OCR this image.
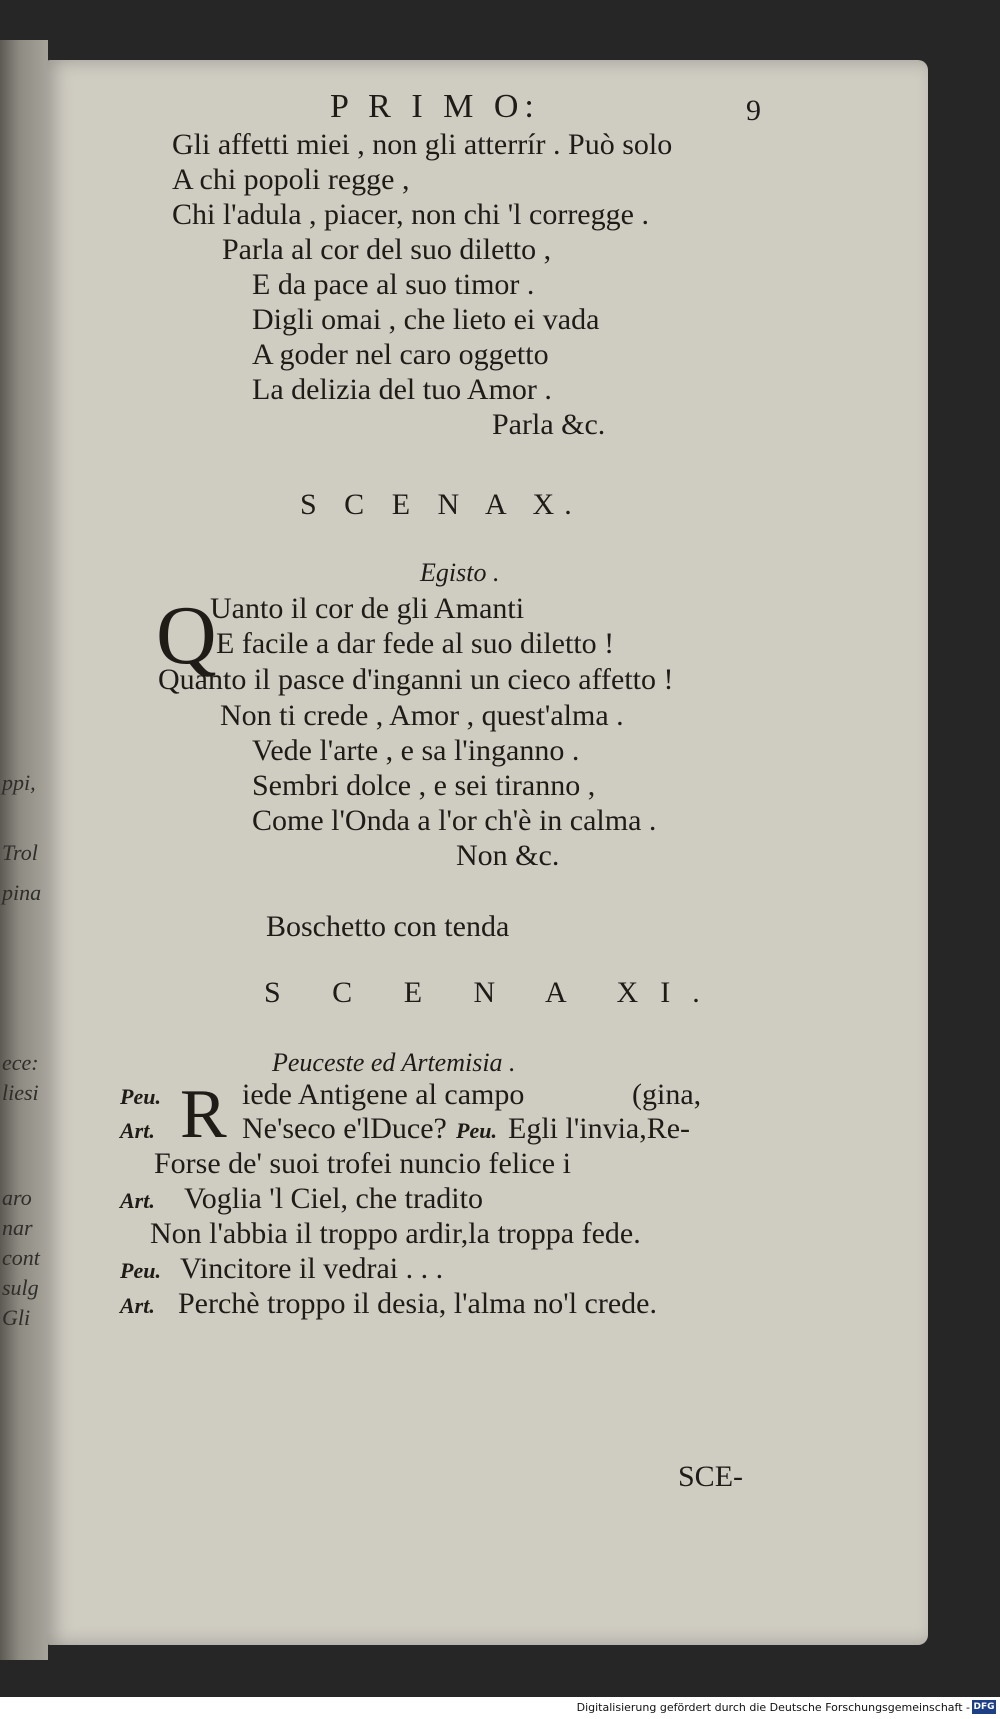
ppi,
Trol
pina
ece:
liesi
aro
nar
cont
sulg
Gli
P R I M O:	9
Gli affetti miei , non gli atterrír . Può solo
A chi popoli regge ,
Chi l'adula , piacer, non chi 'l corregge .
Parla al cor del suo diletto ,
E da pace al suo timor .
Digli omai , che lieto ei vada
A goder nel caro oggetto
La delizia del tuo Amor .
Parla &c.
S C E N A X.
Egisto .
Q
Uanto il cor de gli Amanti
E facile a dar fede al suo diletto !
Quanto il pasce d'inganni un cieco affetto !
Non ti crede , Amor , quest'alma .
Vede l'arte , e sa l'inganno .
Sembri dolce , e sei tiranno ,
Come l'Onda a l'or ch'è in calma .
Non &c.
Boschetto con tenda
S C E N A XI.
Peuceste ed Artemisia .
R
Peu.	iede Antigene al campo	(gina,
Art.	Ne'seco e'lDuce? Peu. Egli l'invia,Re-
Forse de' suoi trofei nuncio felice i
Art. Voglia 'l Ciel, che tradito
Non l'abbia il troppo ardir,la troppa fede.
Peu. Vincitore il vedrai . . .
Art. Perchè troppo il desia, l'alma no'l crede.
SCE-
Digitalisierung gefördert durch die Deutsche Forschungsgemeinschaft - DFG
